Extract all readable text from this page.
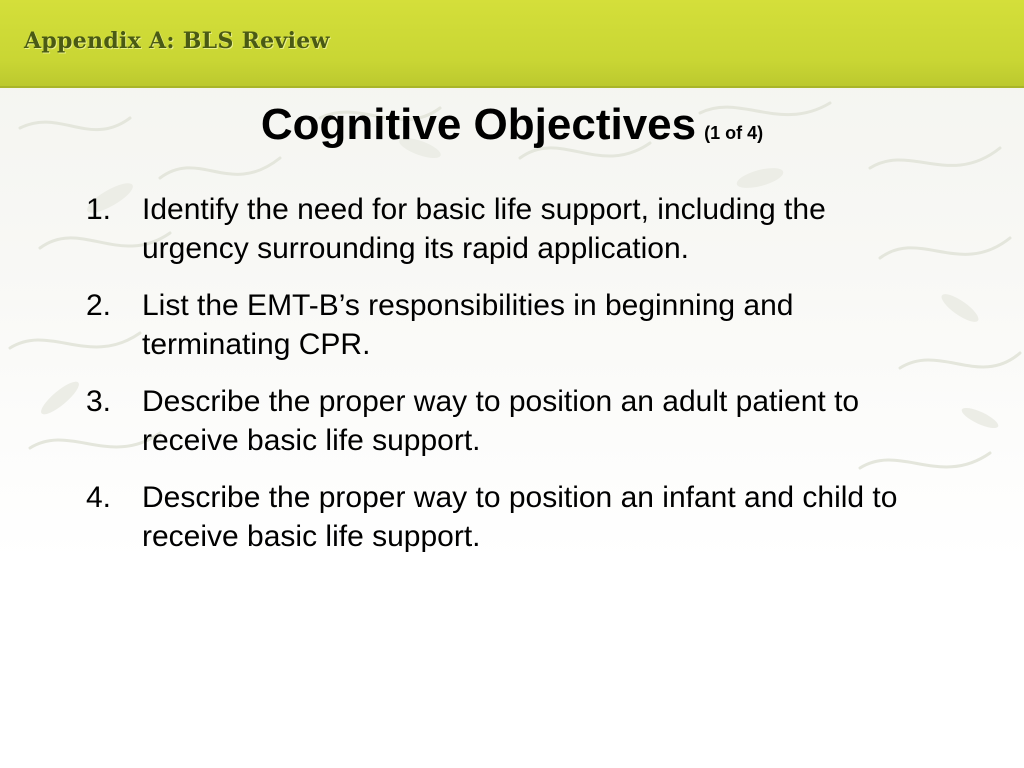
Appendix A: BLS Review
Cognitive Objectives (1 of 4)
1. Identify the need for basic life support, including the urgency surrounding its rapid application.
2. List the EMT-B’s responsibilities in beginning and terminating CPR.
3. Describe the proper way to position an adult patient to receive basic life support.
4. Describe the proper way to position an infant and child to receive basic life support.
